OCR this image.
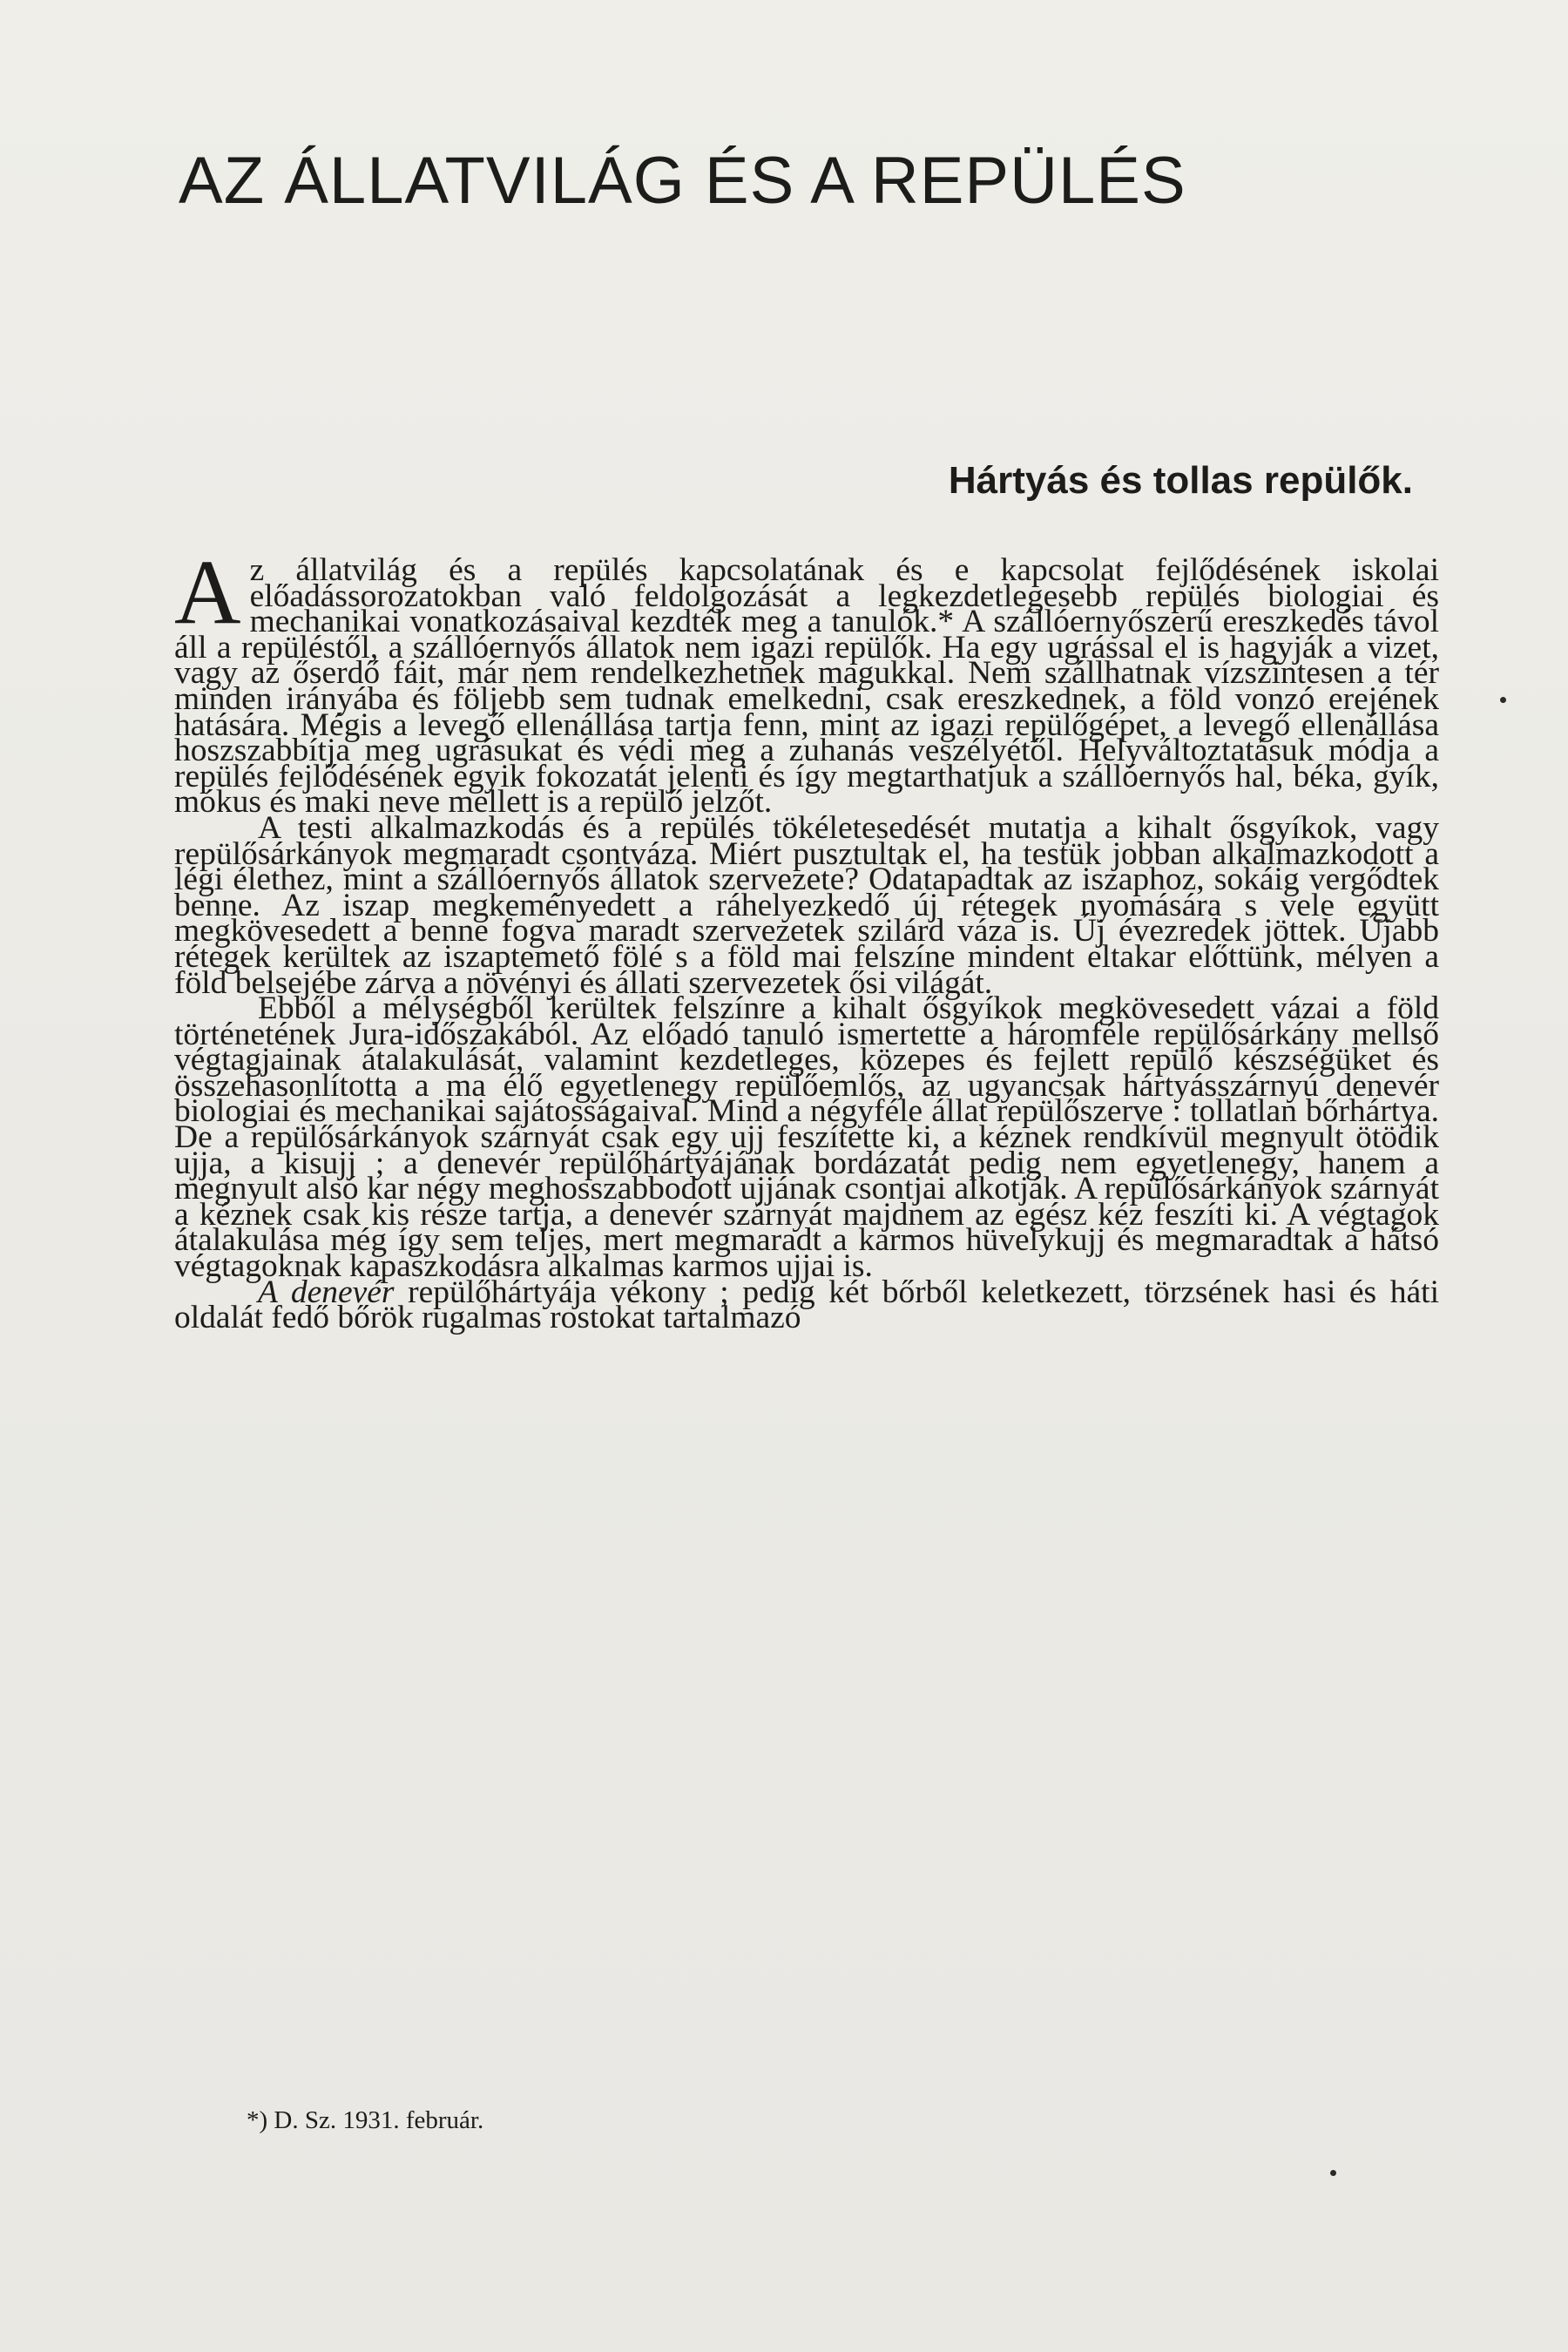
AZ ÁLLATVILÁG ÉS A REPÜLÉS
Hártyás és tollas repülők.

Az állatvilág és a repülés kapcsolatának és e kapcsolat fejlődésének iskolai előadássorozatokban való feldolgozását a legkezdetlegesebb repülés biologiai és mechanikai vonatkozásaival kezdték meg a tanulók.* A szállóernyőszerű ereszkedés távol áll a repüléstől, a szállóernyős állatok nem igazi repülők. Ha egy ugrással el is hagyják a vizet, vagy az őserdő fáit, már nem rendelkezhetnek magukkal. Nem szállhatnak vízszintesen a tér minden irányába és följebb sem tudnak emelkedni, csak ereszkednek, a föld vonzó erejének hatására. Mégis a levegő ellenállása tartja fenn, mint az igazi repülőgépet, a levegő ellenállása hoszszabbítja meg ugrásukat és védi meg a zuhanás veszélyétől. Helyváltoztatásuk módja a repülés fejlődésének egyik fokozatát jelenti és így megtarthatjuk a szállóernyős hal, béka, gyík, mókus és maki neve mellett is a repülő jelzőt.

A testi alkalmazkodás és a repülés tökéletesedését mutatja a kihalt ősgyíkok, vagy repülősárkányok megmaradt csontváza. Miért pusztultak el, ha testük jobban alkalmazkodott a légi élethez, mint a szállóernyős állatok szervezete? Odatapadtak az iszaphoz, sokáig vergődtek benne. Az iszap megkeményedett a ráhelyezkedő új rétegek nyomására s vele együtt megkövesedett a benne fogva maradt szervezetek szilárd váza is. Új évezredek jöttek. Újabb rétegek kerültek az iszaptemető fölé s a föld mai felszíne mindent eltakar előttünk, mélyen a föld belsejébe zárva a növényi és állati szervezetek ősi világát.

Ebből a mélységből kerültek felszínre a kihalt ősgyíkok megkövesedett vázai a föld történetének Jura-időszakából. Az előadó tanuló ismertette a háromféle repülősárkány mellső végtagjainak átalakulását, valamint kezdetleges, közepes és fejlett repülő készségüket és összehasonlította a ma élő egyetlenegy repülőemlős, az ugyancsak hártyásszárnyú denevér biologiai és mechanikai sajátosságaival. Mind a négyféle állat repülőszerve : tollatlan bőrhártya. De a repülősárkányok szárnyát csak egy ujj feszítette ki, a kéznek rendkívül megnyult ötödik ujja, a kisujj ; a denevér repülőhártyájának bordázatát pedig nem egyetlenegy, hanem a megnyult alsó kar négy meghosszabbodott ujjának csontjai alkotják. A repülősárkányok szárnyát a kéznek csak kis része tartja, a denevér szárnyát majdnem az egész kéz feszíti ki. A végtagok átalakulása még így sem teljes, mert megmaradt a karmos hüvelykujj és megmaradtak a hátsó végtagoknak kapaszkodásra alkalmas karmos ujjai is.

A denevér repülőhártyája vékony ; pedig két bőrből keletkezett, törzsének hasi és háti oldalát fedő bőrök rugalmas rostokat tartalmazó

*) D. Sz. 1931. február.
